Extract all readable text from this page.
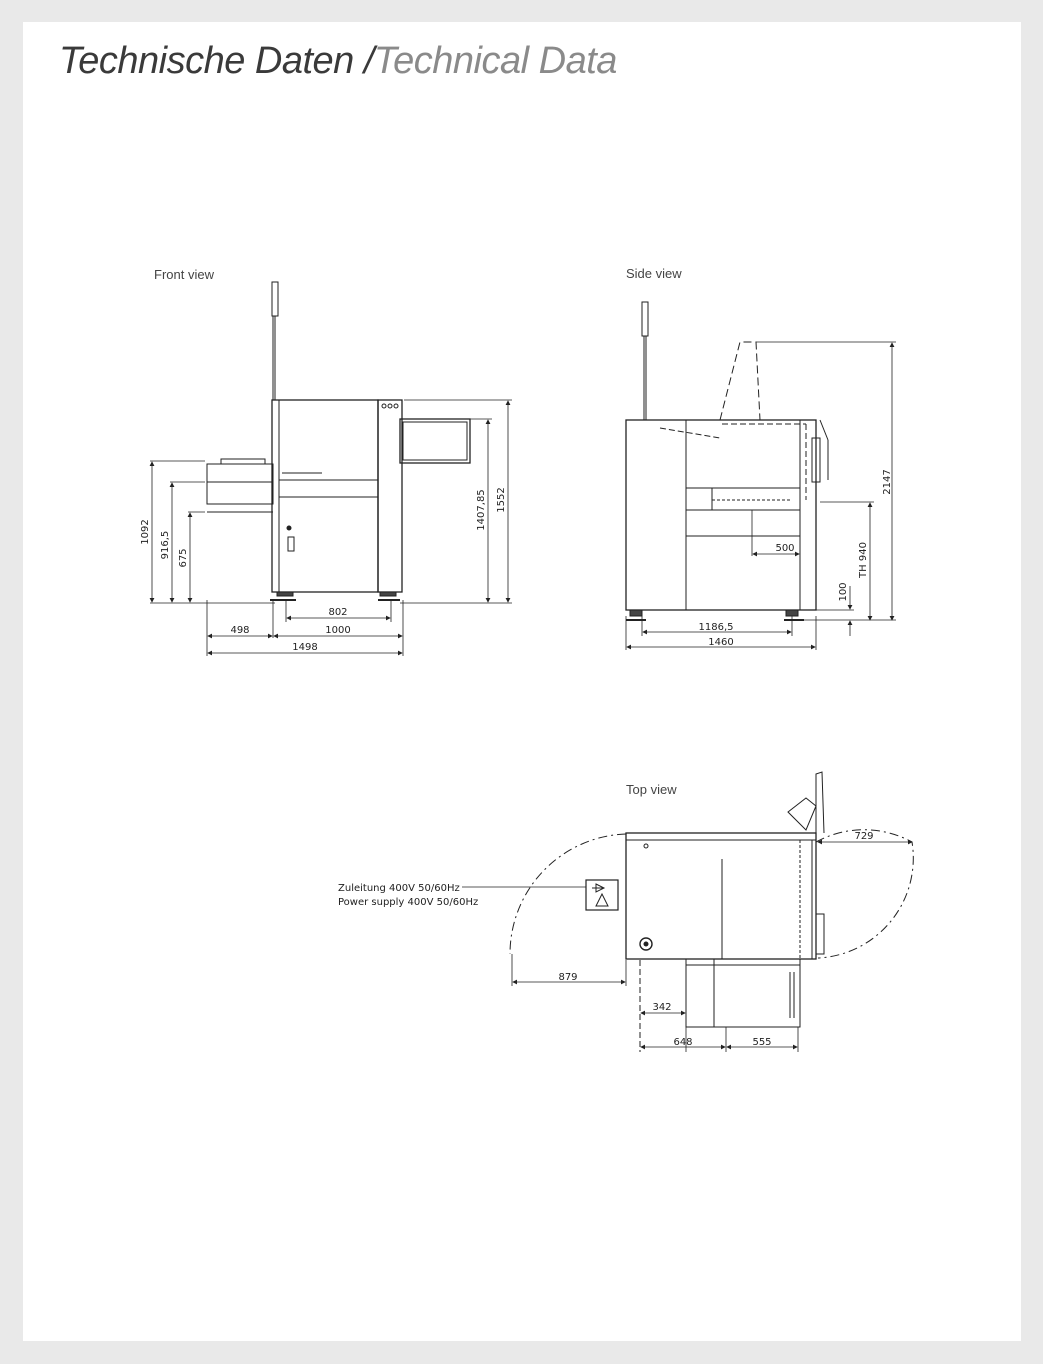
Technische Daten /Technical Data
Front view	Side view
Top view
1092 916,5 675
1407,85 1552
802
498	1000
1498
2147
TH 940
100
500
1186,5
1460
Zuleitung 400V 50/60Hz
Power supply 400V 50/60Hz
729
879
342
648	555
